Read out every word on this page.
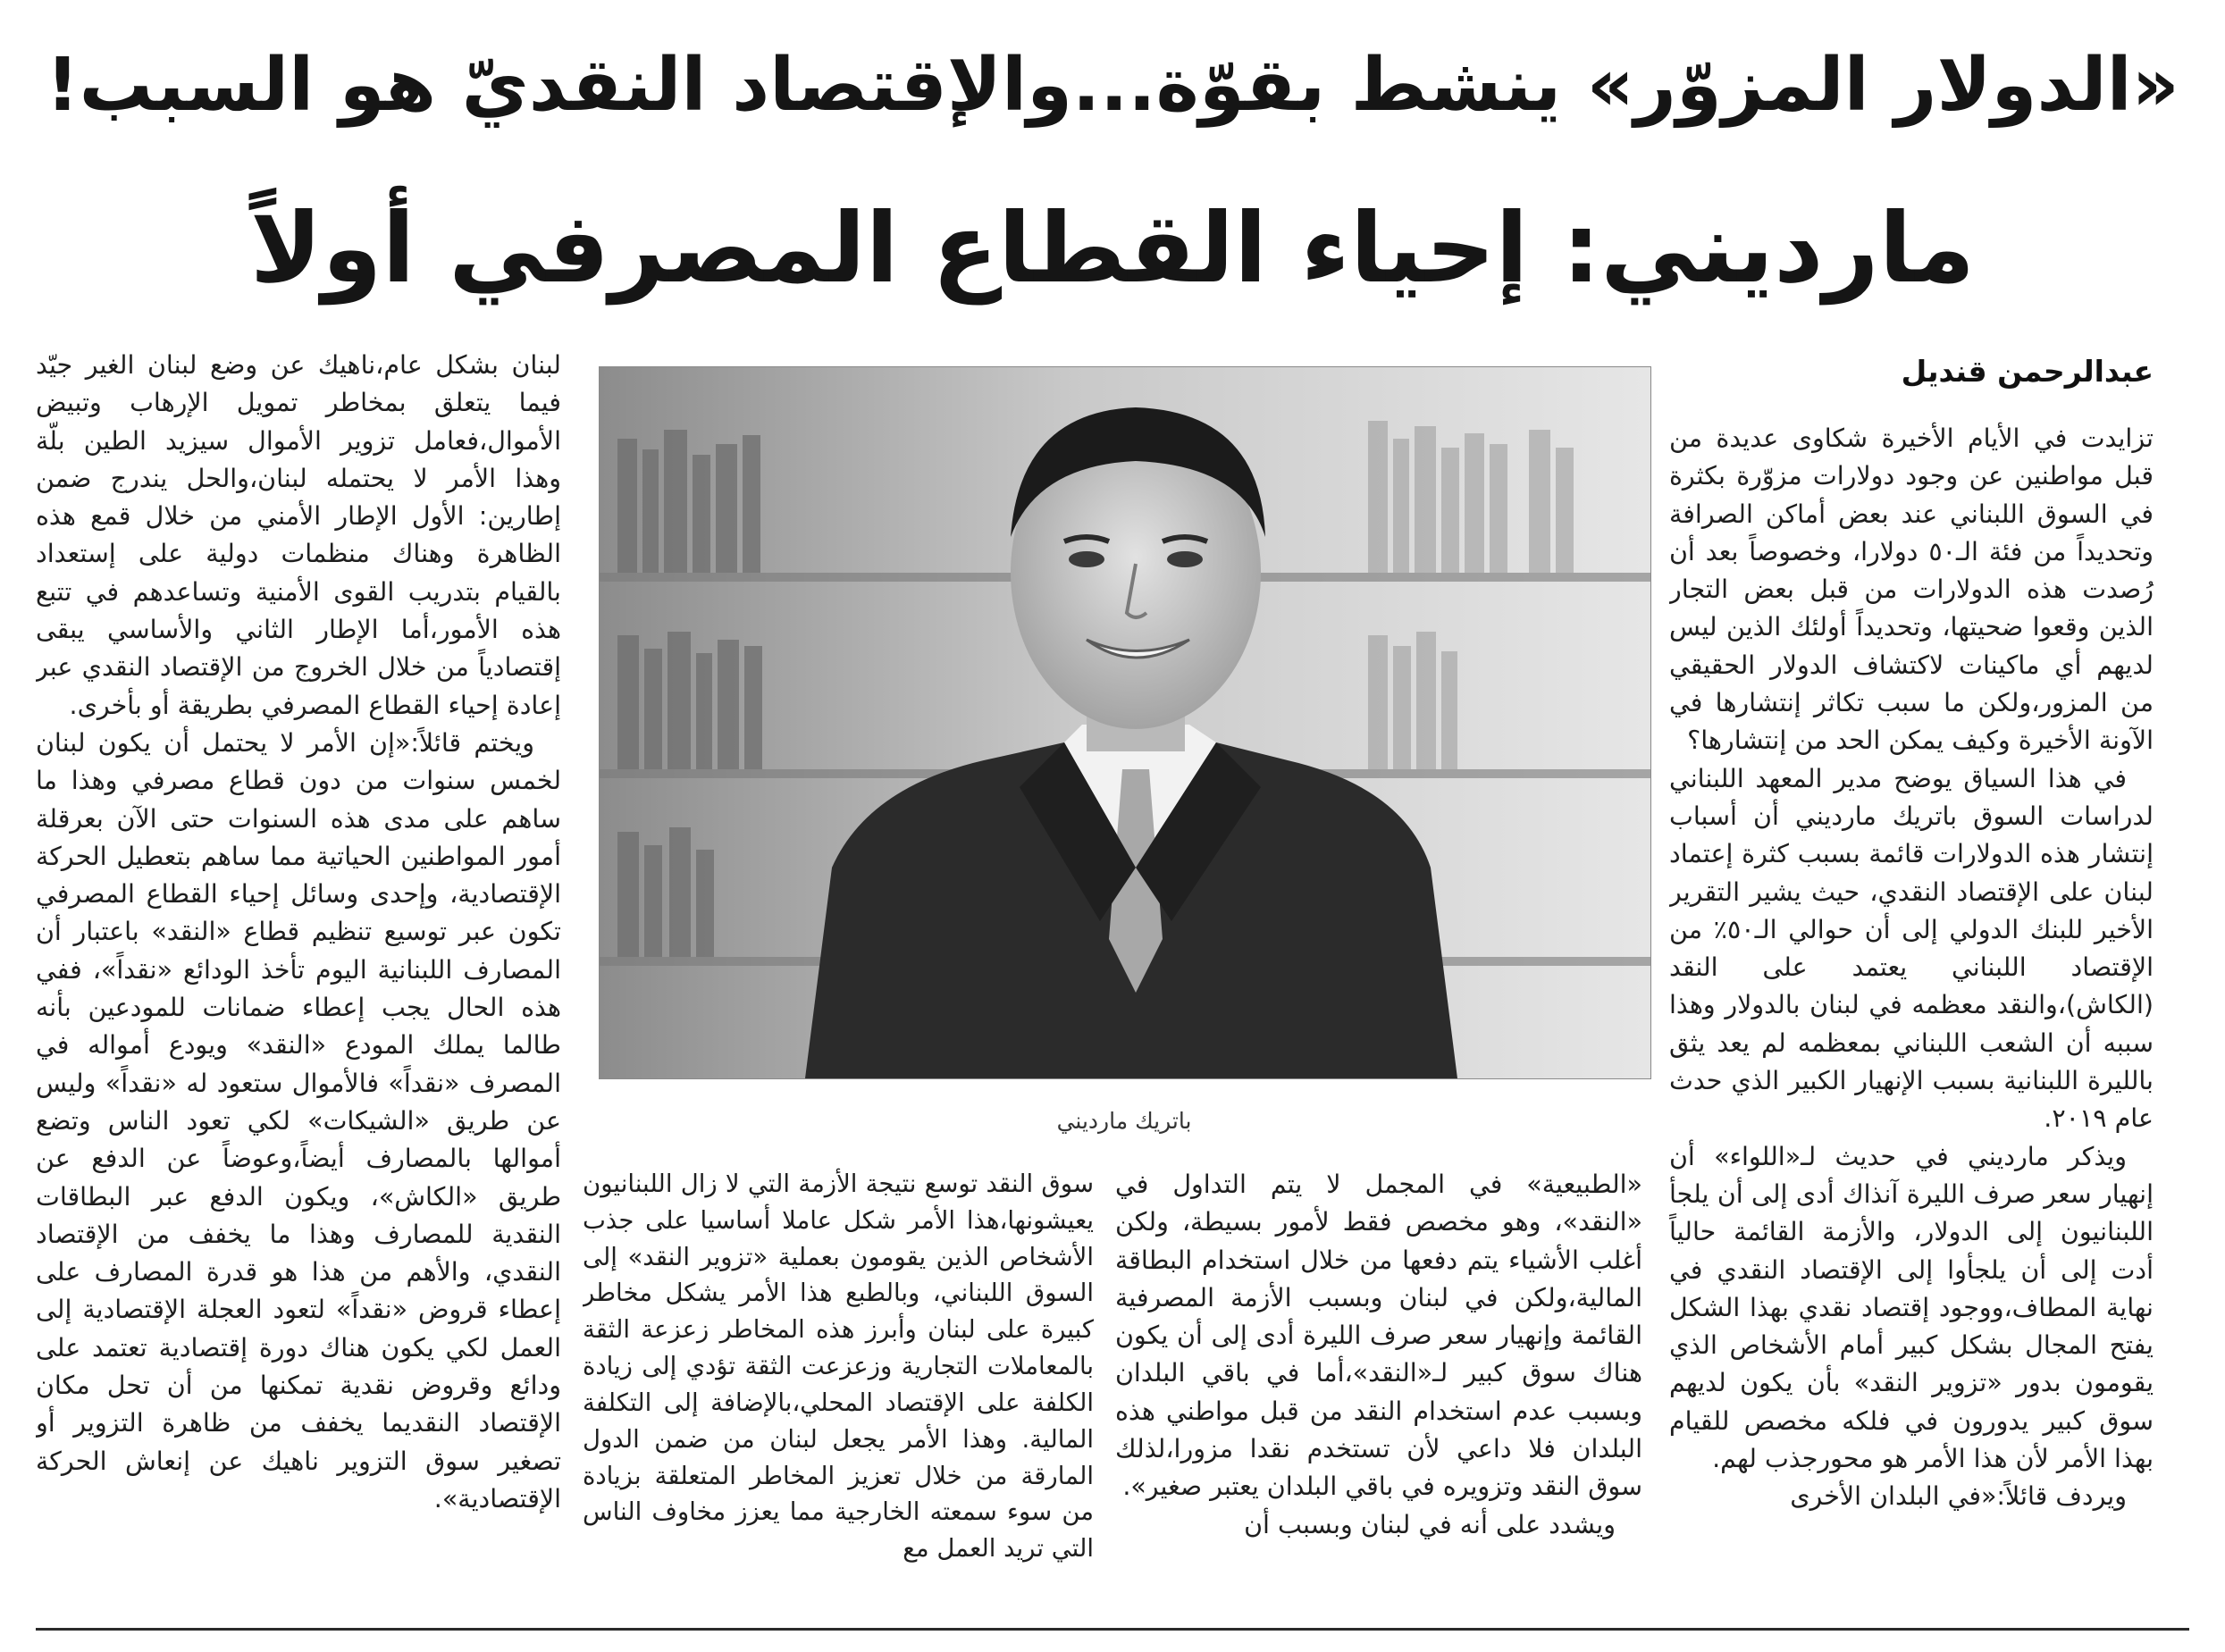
«الدولار المزوّر» ينشط بقوّة...والإقتصاد النقديّ هو السبب!
مارديني: إحياء القطاع المصرفي أولاً
عبدالرحمن قنديل

تزايدت في الأيام الأخيرة شكاوى عديدة من قبل مواطنين عن وجود دولارات مزوّرة بكثرة في السوق اللبناني عند بعض أماكن الصرافة وتحديداً من فئة الـ٥٠ دولارا، وخصوصاً بعد أن رُصدت هذه الدولارات من قبل بعض التجار الذين وقعوا ضحيتها، وتحديداً أولئك الذين ليس لديهم أي ماكينات لاكتشاف الدولار الحقيقي من المزور،ولكن ما سبب تكاثر إنتشارها في الآونة الأخيرة وكيف يمكن الحد من إنتشارها؟

في هذا السياق يوضح مدير المعهد اللبناني لدراسات السوق باتريك مارديني أن أسباب إنتشار هذه الدولارات قائمة بسبب كثرة إعتماد لبنان على الإقتصاد النقدي، حيث يشير التقرير الأخير للبنك الدولي إلى أن حوالي الـ٥٠٪ من الإقتصاد اللبناني يعتمد على النقد (الكاش)،والنقد معظمه في لبنان بالدولار وهذا سببه أن الشعب اللبناني بمعظمه لم يعد يثق بالليرة اللبنانية بسبب الإنهيار الكبير الذي حدث عام ٢٠١٩.

ويذكر مارديني في حديث لـ«اللواء» أن إنهيار سعر صرف الليرة آنذاك أدى إلى أن يلجأ اللبنانيون إلى الدولار، والأزمة القائمة حالياً أدت إلى أن يلجأوا إلى الإقتصاد النقدي في نهاية المطاف،ووجود إقتصاد نقدي بهذا الشكل يفتح المجال بشكل كبير أمام الأشخاص الذي يقومون بدور «تزوير النقد» بأن يكون لديهم سوق كبير يدورون في فلكه مخصص للقيام بهذا الأمر لأن هذا الأمر هو محورجذب لهم.

ويردف قائلاً:«في البلدان الأخرى

باتريك مارديني

«الطبيعية» في المجمل لا يتم التداول في «النقد»، وهو مخصص فقط لأمور بسيطة، ولكن أغلب الأشياء يتم دفعها من خلال استخدام البطاقة المالية،ولكن في لبنان وبسبب الأزمة المصرفية القائمة وإنهيار سعر صرف الليرة أدى إلى أن يكون هناك سوق كبير لـ«النقد»،أما في باقي البلدان وبسبب عدم استخدام النقد من قبل مواطني هذه البلدان فلا داعي لأن تستخدم نقدا مزورا،لذلك سوق النقد وتزويره في باقي البلدان يعتبر صغير».

ويشدد على أنه في لبنان وبسبب أن

سوق النقد توسع نتيجة الأزمة التي لا زال اللبنانيون يعيشونها،هذا الأمر شكل عاملا أساسيا على جذب الأشخاص الذين يقومون بعملية «تزوير النقد» إلى السوق اللبناني، وبالطبع هذا الأمر يشكل مخاطر كبيرة على لبنان وأبرز هذه المخاطر زعزعة الثقة بالمعاملات التجارية وزعزعت الثقة تؤدي إلى زيادة الكلفة على الإقتصاد المحلي،بالإضافة إلى التكلفة المالية. وهذا الأمر يجعل لبنان من ضمن الدول المارقة من خلال تعزيز المخاطر المتعلقة بزيادة من سوء سمعته الخارجية مما يعزز مخاوف الناس التي تريد العمل مع

لبنان بشكل عام،ناهيك عن وضع لبنان الغير جيّد فيما يتعلق بمخاطر تمويل الإرهاب وتبيض الأموال،فعامل تزوير الأموال سيزيد الطين بلّة وهذا الأمر لا يحتمله لبنان،والحل يندرج ضمن إطارين: الأول الإطار الأمني من خلال قمع هذه الظاهرة وهناك منظمات دولية على إستعداد بالقيام بتدريب القوى الأمنية وتساعدهم في تتبع هذه الأمور،أما الإطار الثاني والأساسي يبقى إقتصادياً من خلال الخروج من الإقتصاد النقدي عبر إعادة إحياء القطاع المصرفي بطريقة أو بأخرى.

ويختم قائلاً:«إن الأمر لا يحتمل أن يكون لبنان لخمس سنوات من دون قطاع مصرفي وهذا ما ساهم على مدى هذه السنوات حتى الآن بعرقلة أمور المواطنين الحياتية مما ساهم بتعطيل الحركة الإقتصادية، وإحدى وسائل إحياء القطاع المصرفي تكون عبر توسيع تنظيم قطاع «النقد» باعتبار أن المصارف اللبنانية اليوم تأخذ الودائع «نقداً»، ففي هذه الحال يجب إعطاء ضمانات للمودعين بأنه طالما يملك المودع «النقد» ويودع أمواله في المصرف «نقداً» فالأموال ستعود له «نقداً» وليس عن طريق «الشيكات» لكي تعود الناس وتضع أموالها بالمصارف أيضاً،وعوضاً عن الدفع عن طريق «الكاش»، ويكون الدفع عبر البطاقات النقدية للمصارف وهذا ما يخفف من الإقتصاد النقدي، والأهم من هذا هو قدرة المصارف على إعطاء قروض «نقداً» لتعود العجلة الإقتصادية إلى العمل لكي يكون هناك دورة إقتصادية تعتمد على ودائع وقروض نقدية تمكنها من أن تحل مكان الإقتصاد النقديما يخفف من ظاهرة التزوير أو تصغير سوق التزوير ناهيك عن إنعاش الحركة الإقتصادية».
